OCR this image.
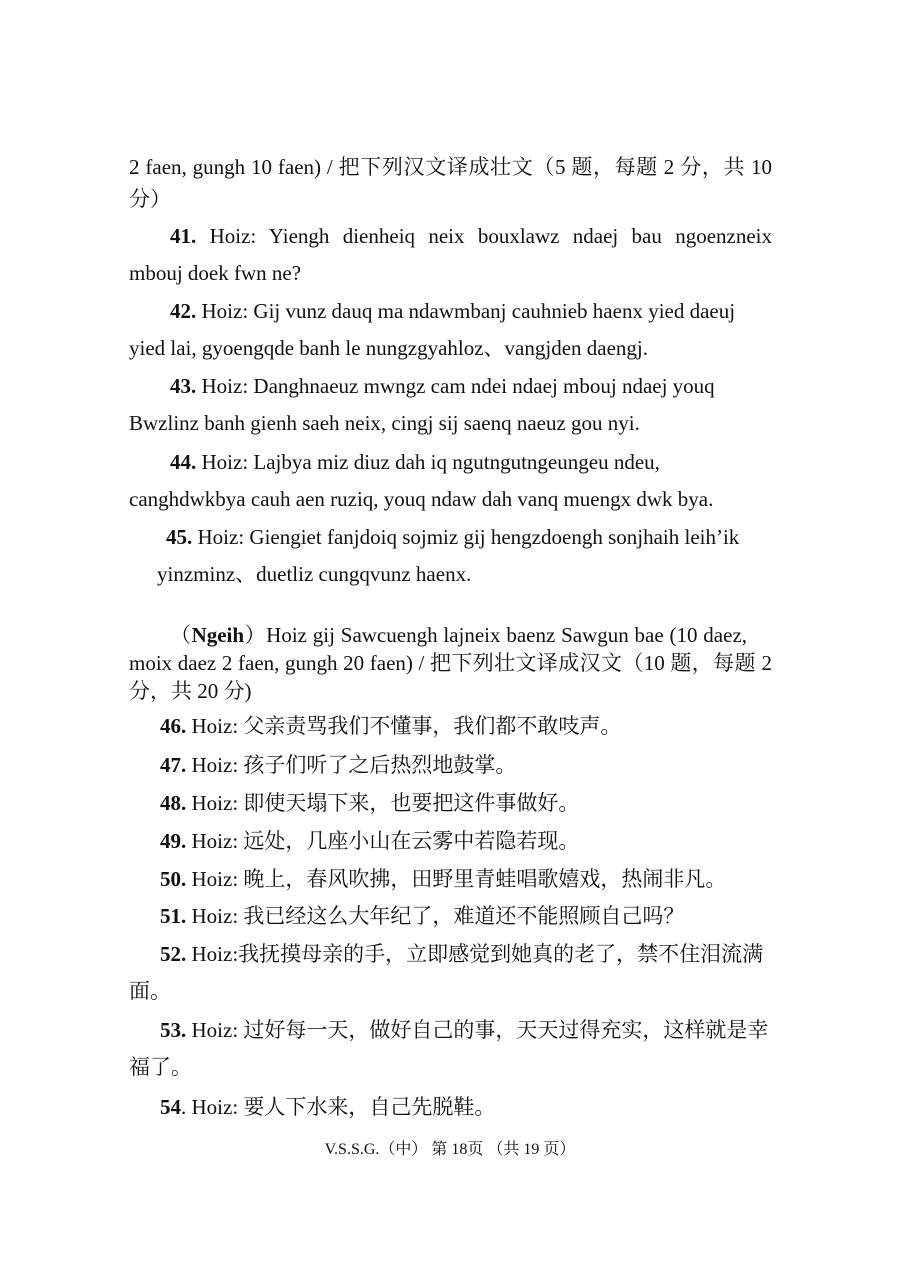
2 faen, gungh 10 faen) / 把下列汉文译成壮文（5 题，每题 2 分，共 10
分）
41. Hoiz: Yiengh dienheiq neix bouxlawz ndaej bau ngoenzneix
mbouj doek fwn ne?
42. Hoiz: Gij vunz dauq ma ndawmbanj cauhnieb haenx yied daeuj
yied lai, gyoengqde banh le nungzgyahloz、vangjden daengj.
43. Hoiz: Danghnaeuz mwngz cam ndei ndaej mbouj ndaej youq
Bwzlinz banh gienh saeh neix, cingj sij saenq naeuz gou nyi.
44. Hoiz: Lajbya miz diuz dah iq ngutngutngeungeu ndeu,
canghdwkbya cauh aen ruziq, youq ndaw dah vanq muengx dwk bya.
45. Hoiz: Giengiet fanjdoiq sojmiz gij hengzdoengh sonjhaih leih’ik
yinzminz、duetliz cungqvunz haenx.
（Ngeih）Hoiz gij Sawcuengh lajneix baenz Sawgun bae (10 daez,
moix daez 2 faen, gungh 20 faen) / 把下列壮文译成汉文（10 题，每题 2
分，共 20 分)
46. Hoiz: 父亲责骂我们不懂事，我们都不敢吱声。
47. Hoiz: 孩子们听了之后热烈地鼓掌。
48. Hoiz: 即使天塌下来，也要把这件事做好。
49. Hoiz: 远处，几座小山在云雾中若隐若现。
50. Hoiz: 晚上，春风吹拂，田野里青蛙唱歌嬉戏，热闹非凡。
51. Hoiz: 我已经这么大年纪了，难道还不能照顾自己吗？
52. Hoiz:我抚摸母亲的手，立即感觉到她真的老了，禁不住泪流满
面。
53. Hoiz: 过好每一天，做好自己的事，天天过得充实，这样就是幸
福了。
54. Hoiz: 要人下水来，自己先脱鞋。
V.S.S.G.（中） 第 18页 （共 19 页）
